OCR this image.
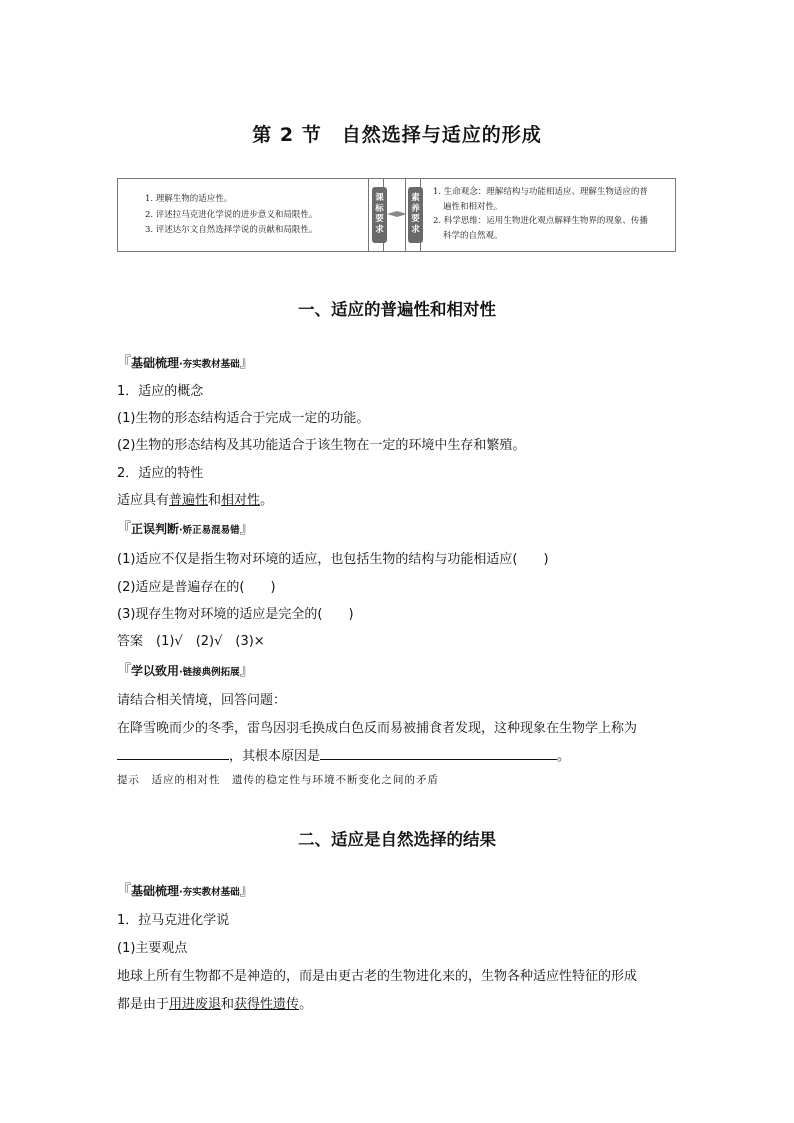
第 2 节　自然选择与适应的形成
1. 理解生物的适应性。
2. 评述拉马克进化学说的进步意义和局限性。
3. 评述达尔文自然选择学说的贡献和局限性。
课标要求
素养要求
1. 生命观念：理解结构与功能相适应、理解生物适应的普
遍性和相对性。
2. 科学思维：运用生物进化观点解释生物界的现象、传播
科学的自然观。
一、适应的普遍性和相对性
『基础梳理·夯实教材基础』
1．适应的概念
(1)生物的形态结构适合于完成一定的功能。
(2)生物的形态结构及其功能适合于该生物在一定的环境中生存和繁殖。
2．适应的特性
适应具有普遍性和相对性。
『正误判断·矫正易混易错』
(1)适应不仅是指生物对环境的适应，也包括生物的结构与功能相适应(　　)
(2)适应是普遍存在的(　　)
(3)现存生物对环境的适应是完全的(　　)
答案　(1)√　(2)√　(3)×
『学以致用·链接典例拓展』
请结合相关情境，回答问题：
在降雪晚而少的冬季，雷鸟因羽毛换成白色反而易被捕食者发现，这种现象在生物学上称为
，其根本原因是	。
提示　适应的相对性　遗传的稳定性与环境不断变化之间的矛盾
二、适应是自然选择的结果
『基础梳理·夯实教材基础』
1．拉马克进化学说
(1)主要观点
地球上所有生物都不是神造的，而是由更古老的生物进化来的，生物各种适应性特征的形成
都是由于用进废退和获得性遗传。
